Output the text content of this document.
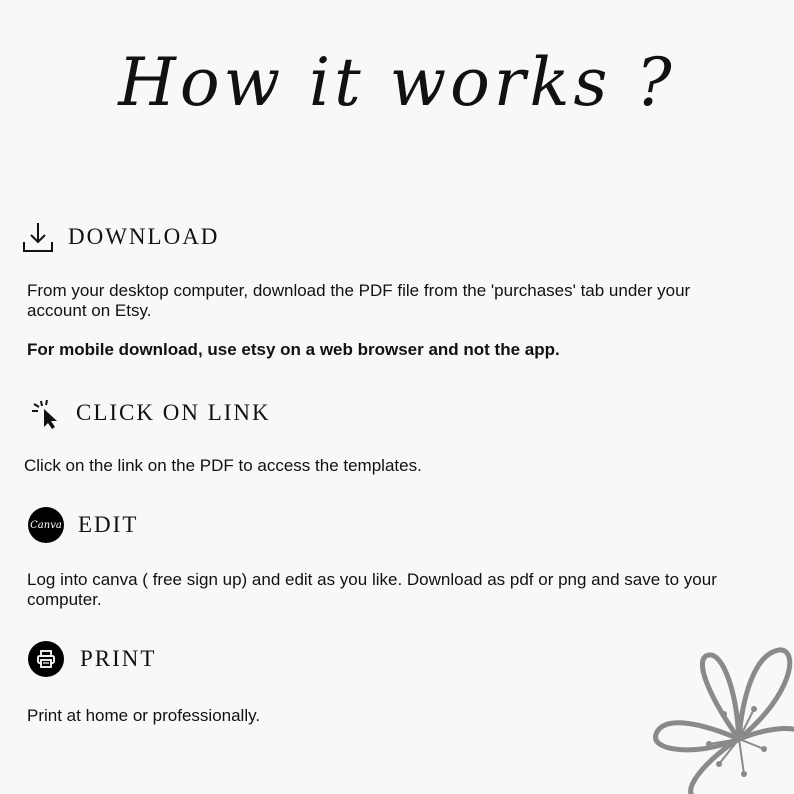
How it works ?
DOWNLOAD
From your desktop computer, download the PDF file from the 'purchases' tab under your account on Etsy.
For mobile download, use etsy on a web browser and not the app.
CLICK ON LINK
Click on the link on the PDF to access the templates.
Canva EDIT
Log into canva ( free sign up) and edit as you like. Download as pdf or png and save to your computer.
PRINT
Print at home or professionally.
